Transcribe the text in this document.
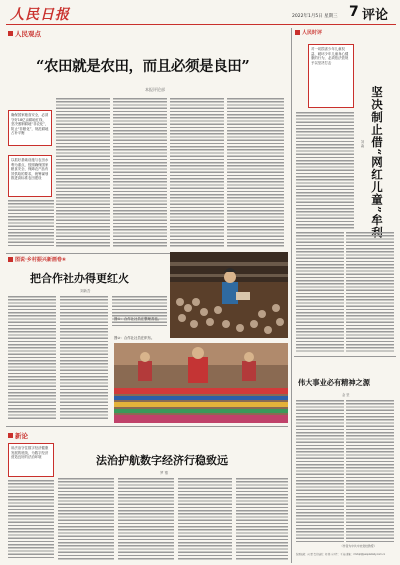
人民日报	2022年1月5日 星期三 7 评论
人民观点
“农田就是农田，而且必须是良田”
本报评论部
确保国家粮食安全，必须守好18亿亩耕地红线，坚决遏制耕地“非农化”，防止“非粮化”，规范耕地占补平衡
以抓好基础设施与农田水利为重点，按照确保国家粮食安全、保障农产品有效供给的要求，统筹谋划推进高标准农田建设
图说·乡村振兴新画卷⑥
把合作社办得更红火
刘新吾
图①：合作社社员在整理香菇。
图②：合作社社员在织布。
新论
用法治守住数字经济健康发展的底线，为数字经济营造良好的法治环境	法治护航数字经济行稳致远
罗 骞
人民时评
对一切损害少年儿童权益、破坏少年儿童身心健康的行为，必须依法依规予以坚决打击
坚决制止借“网红儿童”牟利
刘 淼
伟大事业必有精神之源
金 坚
（作者为中共中央党校教授）
版面编辑：何 鼎 责任编辑：刘 娟 实习生：王 楠 邮箱：rmrbpl@peopledaily.com.cn
